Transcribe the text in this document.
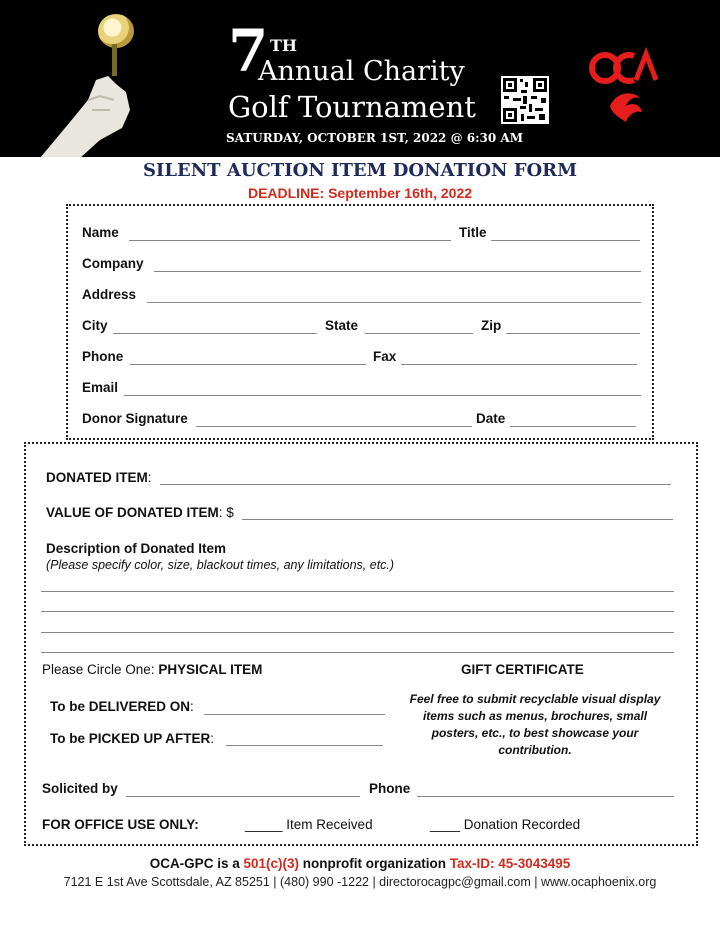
7 TH
Annual Charity
Golf Tournament
SATURDAY, OCTOBER 1ST, 2022 @ 6:30 AM
SILENT AUCTION ITEM DONATION FORM
DEADLINE: September 16th, 2022
Name	Title
Company
Address
City	State	Zip
Phone	Fax
Email
Donor Signature	Date
DONATED ITEM:
VALUE OF DONATED ITEM: $
Description of Donated Item
(Please specify color, size, blackout times, any limitations, etc.)
Please Circle One: PHYSICAL ITEM	GIFT CERTIFICATE
To be DELIVERED ON:
To be PICKED UP AFTER:
Feel free to submit recyclable visual display items such as menus, brochures, small posters, etc., to best showcase your contribution.
Solicited by	Phone
FOR OFFICE USE ONLY:	_____ Item Received	____ Donation Recorded
OCA-GPC is a 501(c)(3) nonprofit organization Tax-ID: 45-3043495
7121 E 1st Ave Scottsdale, AZ 85251 | (480) 990 -1222 | directorocagpc@gmail.com | www.ocaphoenix.org
